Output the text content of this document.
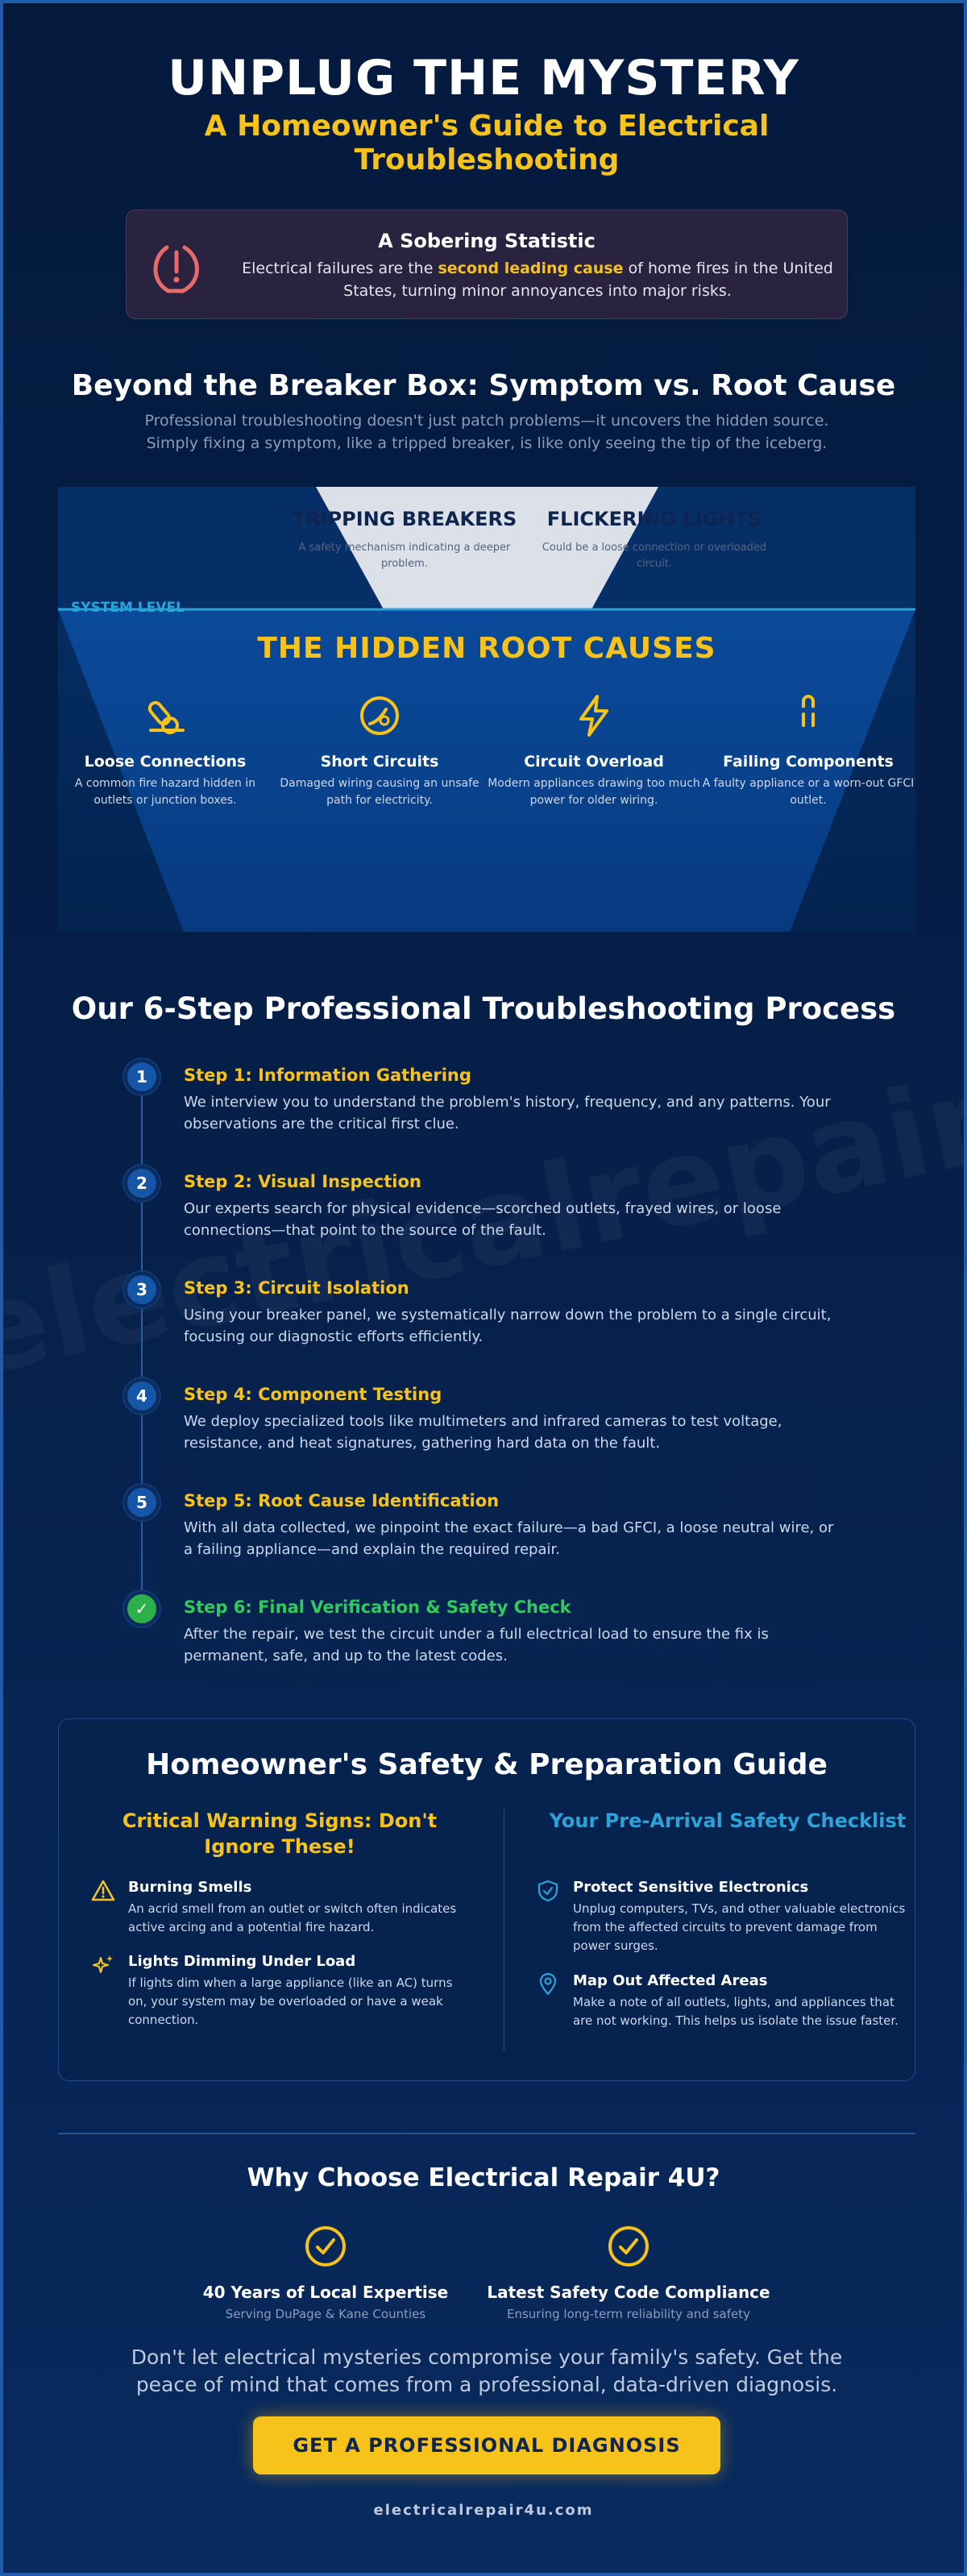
UNPLUG THE MYSTERY
A Homeowner's Guide to Electrical Troubleshooting
A Sobering Statistic
Electrical failures are the second leading cause of home fires in the United States, turning minor annoyances into major risks.
Beyond the Breaker Box: Symptom vs. Root Cause

Professional troubleshooting doesn't just patch problems—it uncovers the hidden source. Simply fixing a symptom, like a tripped breaker, is like only seeing the tip of the iceberg.

TRIPPING BREAKERS
A safety mechanism indicating a deeper problem.
FLICKERING LIGHTS
Could be a loose connection or overloaded circuit.
SYSTEM LEVEL
THE HIDDEN ROOT CAUSES
Loose Connections
A common fire hazard hidden in outlets or junction boxes.
Short Circuits
Damaged wiring causing an unsafe path for electricity.
Circuit Overload
Modern appliances drawing too much power for older wiring.
Failing Components
A faulty appliance or a worn-out GFCI outlet.
Our 6-Step Professional Troubleshooting Process
1	Step 1: Information Gathering
We interview you to understand the problem's history, frequency, and any patterns. Your observations are the critical first clue.
2	Step 2: Visual Inspection
Our experts search for physical evidence—scorched outlets, frayed wires, or loose connections—that point to the source of the fault.
3	Step 3: Circuit Isolation
Using your breaker panel, we systematically narrow down the problem to a single circuit, focusing our diagnostic efforts efficiently.
4	Step 4: Component Testing
We deploy specialized tools like multimeters and infrared cameras to test voltage, resistance, and heat signatures, gathering hard data on the fault.
5	Step 5: Root Cause Identification
With all data collected, we pinpoint the exact failure—a bad GFCI, a loose neutral wire, or a failing appliance—and explain the required repair.
✓	Step 6: Final Verification & Safety Check
After the repair, we test the circuit under a full electrical load to ensure the fix is permanent, safe, and up to the latest codes.
Homeowner's Safety & Preparation Guide
Critical Warning Signs: Don't Ignore These!
Your Pre-Arrival Safety Checklist
Burning Smells
An acrid smell from an outlet or switch often indicates active arcing and a potential fire hazard.
Lights Dimming Under Load
If lights dim when a large appliance (like an AC) turns on, your system may be overloaded or have a weak connection.
Protect Sensitive Electronics
Unplug computers, TVs, and other valuable electronics from the affected circuits to prevent damage from power surges.
Map Out Affected Areas
Make a note of all outlets, lights, and appliances that are not working. This helps us isolate the issue faster.
Why Choose Electrical Repair 4U?
40 Years of Local Expertise
Serving DuPage & Kane Counties
Latest Safety Code Compliance
Ensuring long-term reliability and safety

Don't let electrical mysteries compromise your family's safety. Get the peace of mind that comes from a professional, data-driven diagnosis.

GET A PROFESSIONAL DIAGNOSIS
electricalrepair4u.com
